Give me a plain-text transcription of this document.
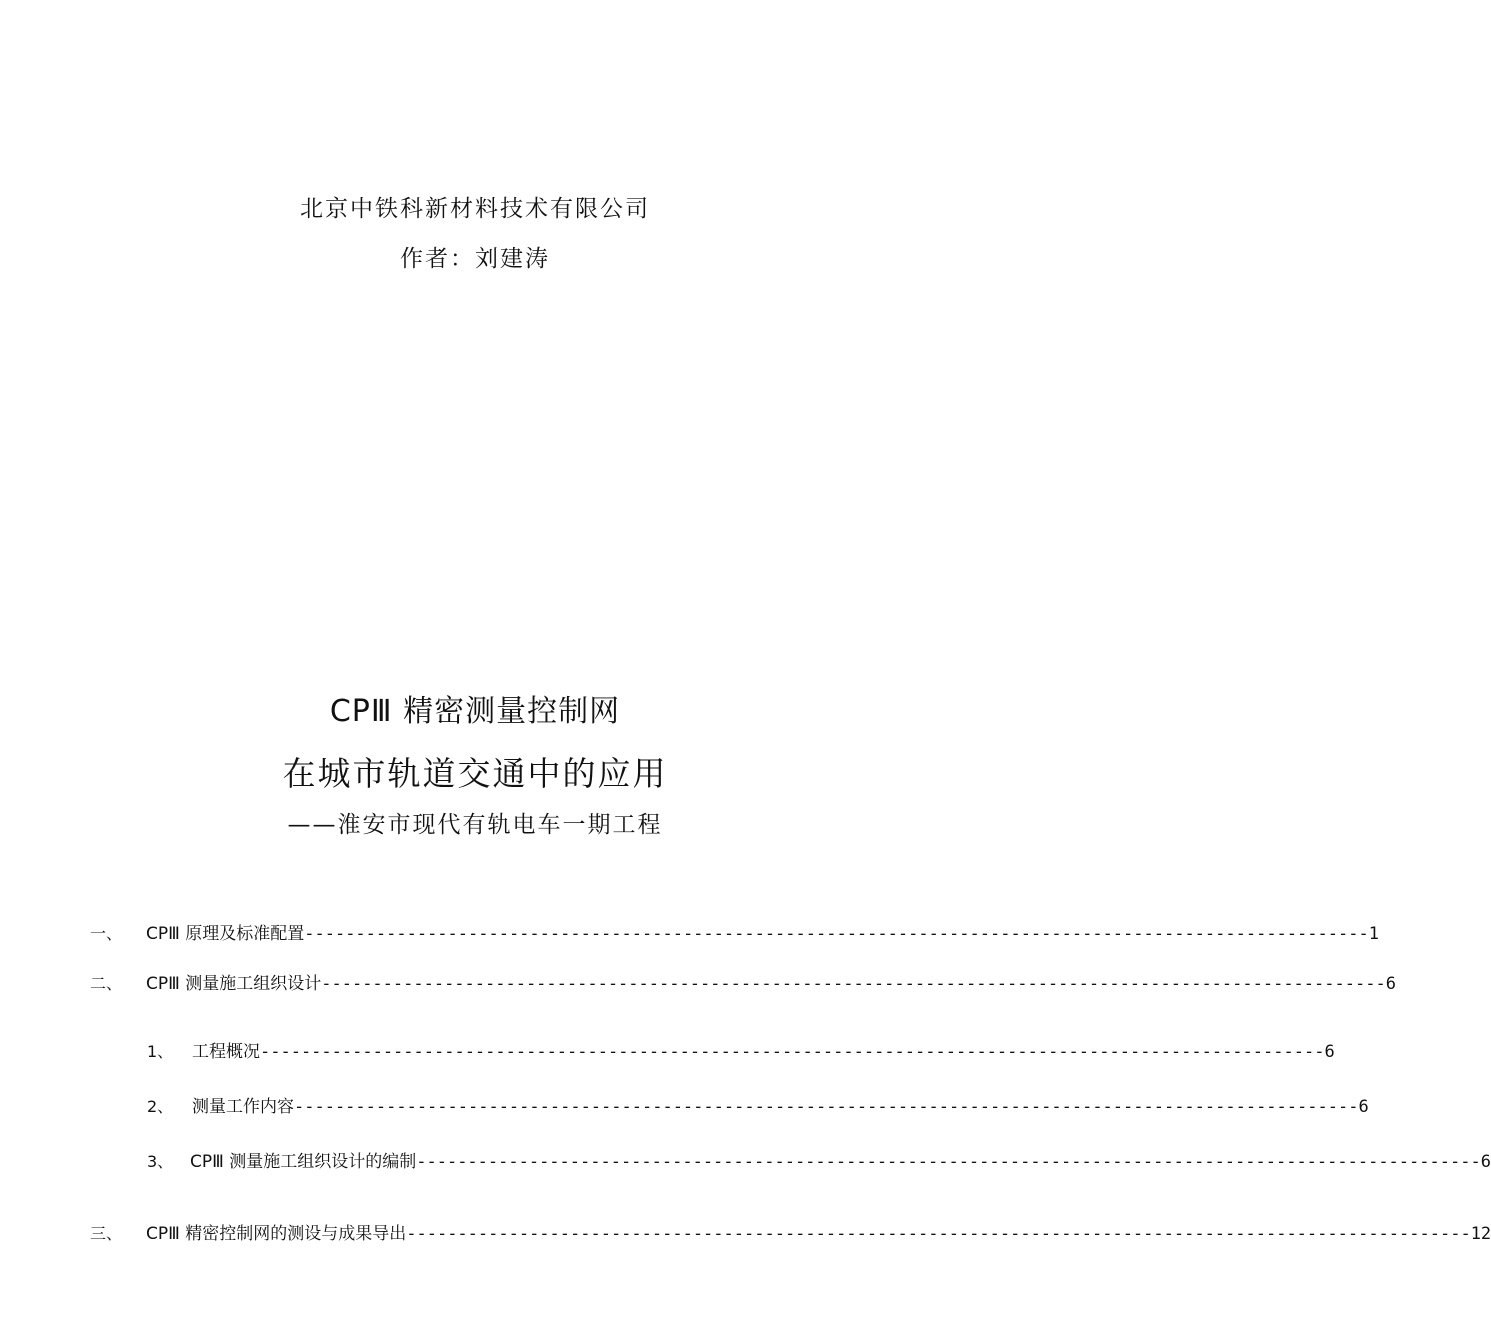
北京中铁科新材料技术有限公司
作者：刘建涛
CPⅢ 精密测量控制网
在城市轨道交通中的应用
——淮安市现代有轨电车一期工程
一、 CPⅢ 原理及标准配置 -------------------------------------------------------------------------------------------------------- 1
二、 CPⅢ 测量施工组织设计 -------------------------------------------------------------------------------------------------------- 6
1、 工程概况 -------------------------------------------------------------------------------------------------------- 6
2、 测量工作内容 -------------------------------------------------------------------------------------------------------- 6
3、 CPⅢ 测量施工组织设计的编制 -------------------------------------------------------------------------------------------------------- 6
三、 CPⅢ 精密控制网的测设与成果导出 -------------------------------------------------------------------------------------------------------- 12
